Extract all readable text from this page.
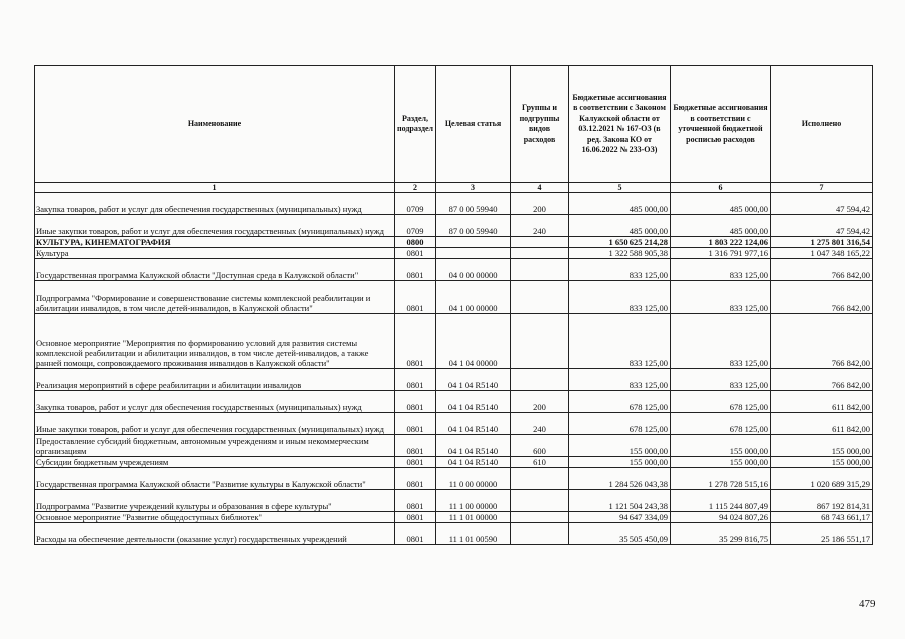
Наименование	Раздел, подраздел	Целевая статья	Группы и подгруппы видов расходов	Бюджетные ассигнования в соответствии с Законом Калужской области от 03.12.2021 № 167-ОЗ (в ред. Закона КО от 16.06.2022 № 233-ОЗ)	Бюджетные ассигнования в соответствии с уточненной бюджетной росписью расходов	Исполнено
1	2	3	4	5	6	7
Закупка товаров, работ и услуг для обеспечения государственных (муниципальных) нужд	0709	87 0 00 59940	200	485 000,00	485 000,00	47 594,42
Иные закупки товаров, работ и услуг для обеспечения государственных (муниципальных) нужд	0709	87 0 00 59940	240	485 000,00	485 000,00	47 594,42
КУЛЬТУРА, КИНЕМАТОГРАФИЯ	0800			1 650 625 214,28	1 803 222 124,06	1 275 801 316,54
Культура	0801			1 322 588 905,38	1 316 791 977,16	1 047 348 165,22
Государственная программа Калужской области "Доступная среда в Калужской области"	0801	04 0 00 00000		833 125,00	833 125,00	766 842,00
Подпрограмма "Формирование и совершенствование системы комплексной реабилитации и абилитации инвалидов, в том числе детей-инвалидов, в Калужской области"	0801	04 1 00 00000		833 125,00	833 125,00	766 842,00
Основное мероприятие "Мероприятия по формированию условий для развития системы комплексной реабилитации и абилитации инвалидов, в том числе детей-инвалидов, а также ранней помощи, сопровождаемого проживания инвалидов в Калужской области"	0801	04 1 04 00000		833 125,00	833 125,00	766 842,00
Реализация мероприятий в сфере реабилитации и абилитации инвалидов	0801	04 1 04 R5140		833 125,00	833 125,00	766 842,00
Закупка товаров, работ и услуг для обеспечения государственных (муниципальных) нужд	0801	04 1 04 R5140	200	678 125,00	678 125,00	611 842,00
Иные закупки товаров, работ и услуг для обеспечения государственных (муниципальных) нужд	0801	04 1 04 R5140	240	678 125,00	678 125,00	611 842,00
Предоставление субсидий бюджетным, автономным учреждениям и иным некоммерческим организациям	0801	04 1 04 R5140	600	155 000,00	155 000,00	155 000,00
Субсидии бюджетным учреждениям	0801	04 1 04 R5140	610	155 000,00	155 000,00	155 000,00
Государственная программа Калужской области "Развитие культуры в Калужской области"	0801	11 0 00 00000		1 284 526 043,38	1 278 728 515,16	1 020 689 315,29
Подпрограмма "Развитие учреждений культуры и образования в сфере культуры"	0801	11 1 00 00000		1 121 504 243,38	1 115 244 807,49	867 192 814,31
Основное мероприятие "Развитие общедоступных библиотек"	0801	11 1 01 00000		94 647 334,09	94 024 807,26	68 743 661,17
Расходы на обеспечение деятельности (оказание услуг) государственных учреждений	0801	11 1 01 00590		35 505 450,09	35 299 816,75	25 186 551,17
479
